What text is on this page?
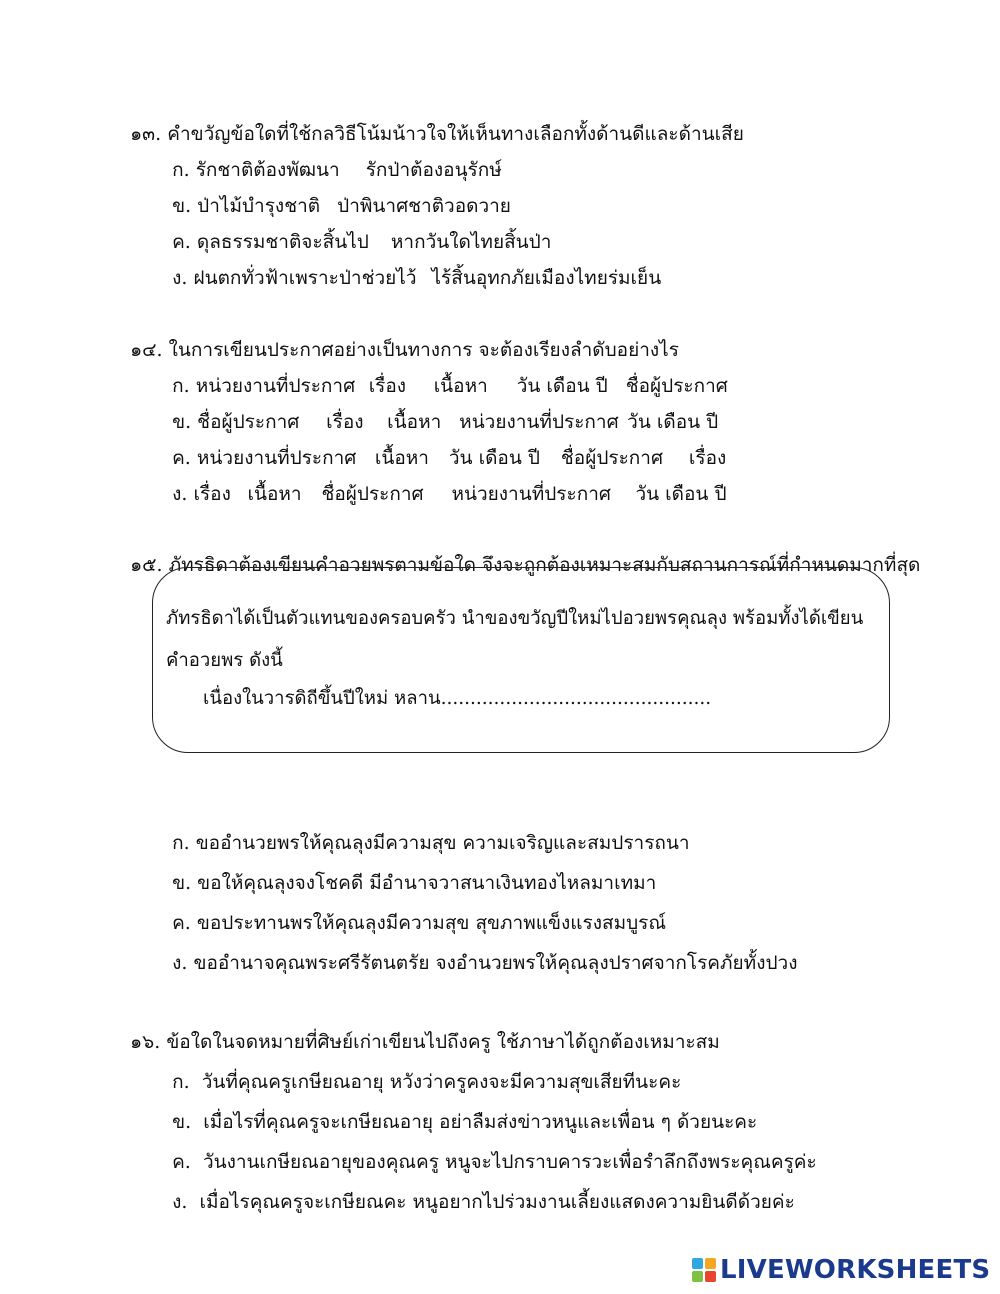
๑๓. คำขวัญข้อใดที่ใช้กลวิธีโน้มน้าวใจให้เห็นทางเลือกทั้งด้านดีและด้านเสีย

ก. รักชาติต้องพัฒนา รักป่าต้องอนุรักษ์

ข. ป่าไม้บำรุงชาติ ป่าพินาศชาติวอดวาย

ค. ดุลธรรมชาติจะสิ้นไป หากวันใดไทยสิ้นป่า

ง. ฝนตกทั่วฟ้าเพราะป่าช่วยไว้ ไร้สิ้นอุทกภัยเมืองไทยร่มเย็น

๑๔. ในการเขียนประกาศอย่างเป็นทางการ จะต้องเรียงลำดับอย่างไร

ก. หน่วยงานที่ประกาศ เรื่อง เนื้อหา วัน เดือน ปี ชื่อผู้ประกาศ

ข. ชื่อผู้ประกาศ เรื่อง เนื้อหา หน่วยงานที่ประกาศ วัน เดือน ปี

ค. หน่วยงานที่ประกาศ เนื้อหา วัน เดือน ปี ชื่อผู้ประกาศ เรื่อง

ง. เรื่อง เนื้อหา ชื่อผู้ประกาศ หน่วยงานที่ประกาศ วัน เดือน ปี

๑๕. ภัทรธิดาต้องเขียนคำอวยพรตามข้อใด จึงจะถูกต้องเหมาะสมกับสถานการณ์ที่กำหนดมากที่สุด

ภัทรธิดาได้เป็นตัวแทนของครอบครัว นำของขวัญปีใหม่ไปอวยพรคุณลุง พร้อมทั้งได้เขียน
คำอวยพร ดังนี้
เนื่องในวารดิถีขึ้นปีใหม่ หลาน..............................................

ก. ขออำนวยพรให้คุณลุงมีความสุข ความเจริญและสมปรารถนา

ข. ขอให้คุณลุงจงโชคดี มีอำนาจวาสนาเงินทองไหลมาเทมา

ค. ขอประทานพรให้คุณลุงมีความสุข สุขภาพแข็งแรงสมบูรณ์

ง. ขออำนาจคุณพระศรีรัตนตรัย จงอำนวยพรให้คุณลุงปราศจากโรคภัยทั้งปวง

๑๖. ข้อใดในจดหมายที่ศิษย์เก่าเขียนไปถึงครู ใช้ภาษาได้ถูกต้องเหมาะสม

ก. วันที่คุณครูเกษียณอายุ หวังว่าครูคงจะมีความสุขเสียทีนะคะ

ข. เมื่อไรที่คุณครูจะเกษียณอายุ อย่าลืมส่งข่าวหนูและเพื่อน ๆ ด้วยนะคะ

ค. วันงานเกษียณอายุของคุณครู หนูจะไปกราบคารวะเพื่อรำลึกถึงพระคุณครูค่ะ

ง. เมื่อไรคุณครูจะเกษียณคะ หนูอยากไปร่วมงานเลี้ยงแสดงความยินดีด้วยค่ะ

LIVEWORKSHEETS
